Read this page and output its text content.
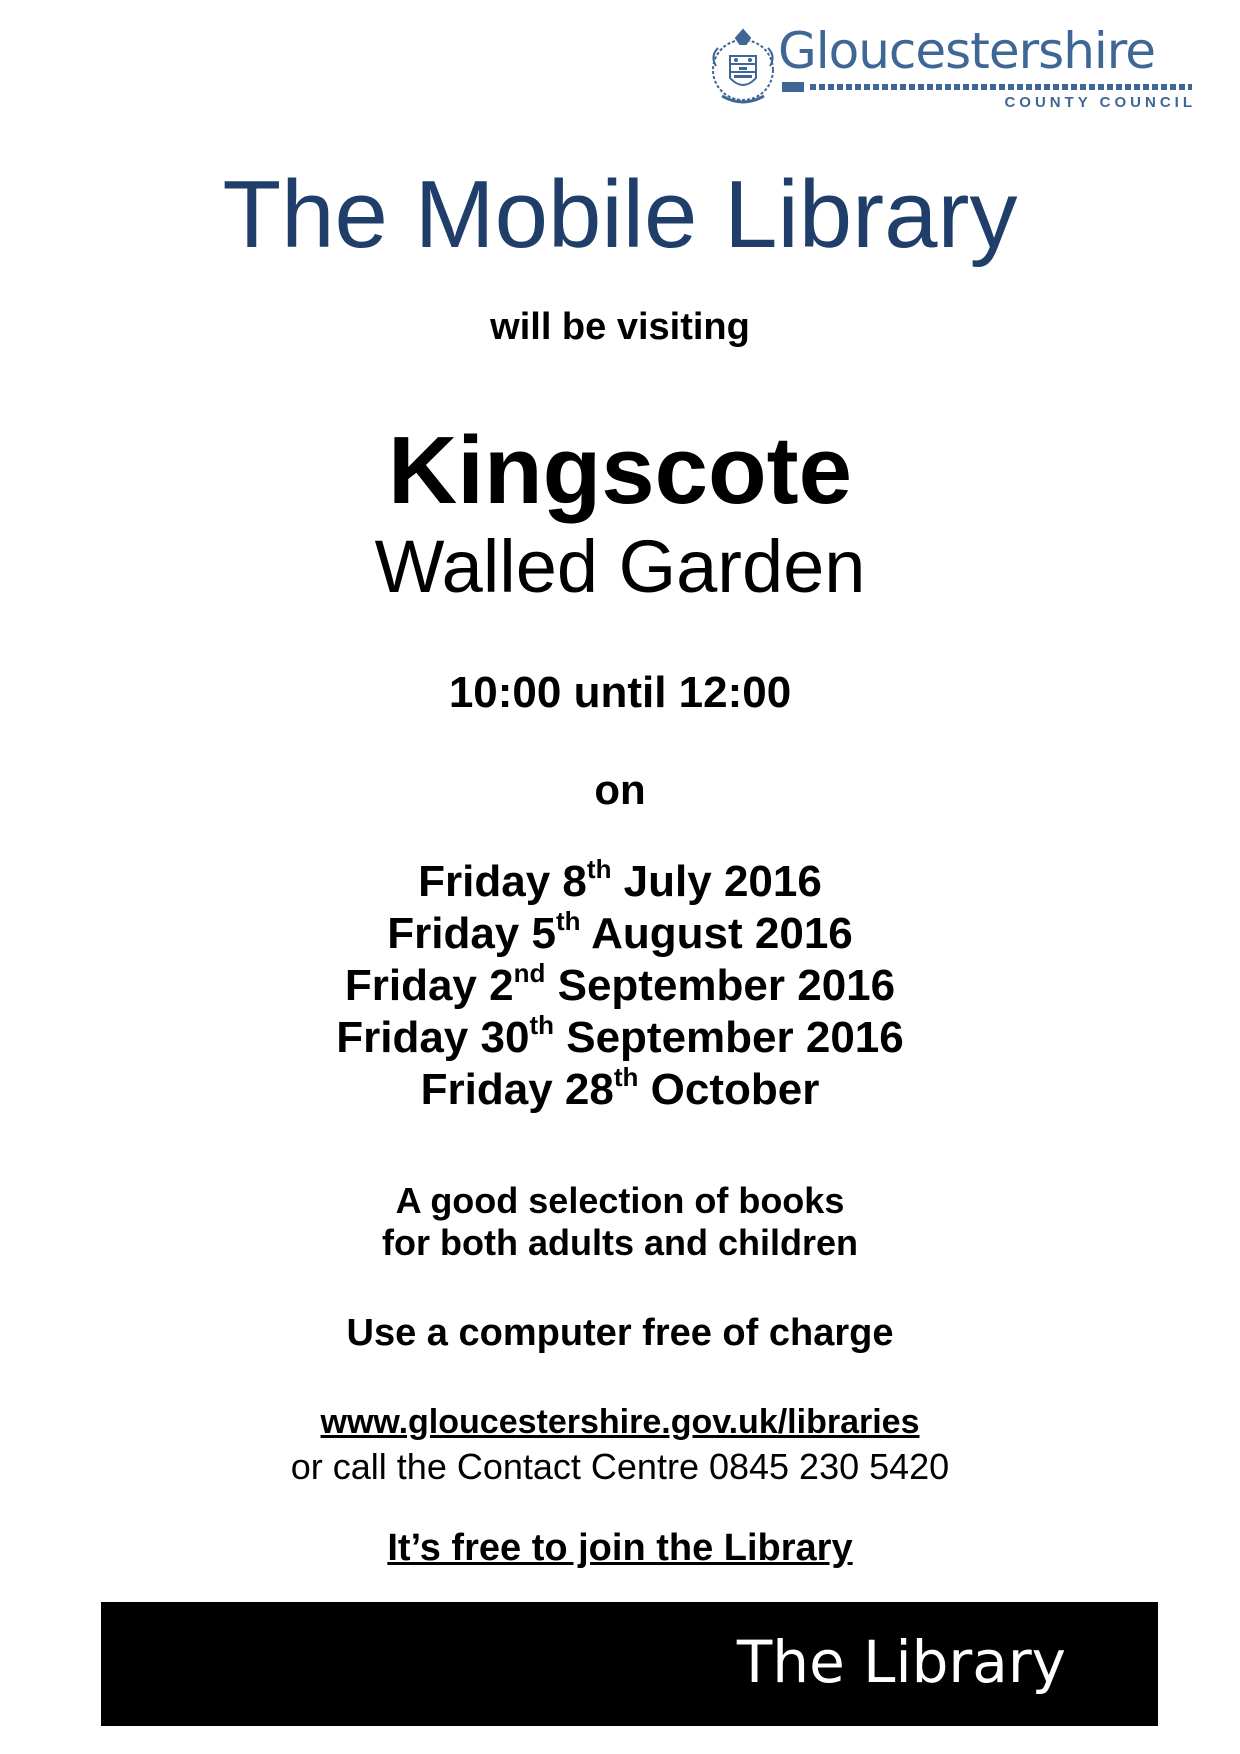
Gloucestershire
COUNTY COUNCIL
The Mobile Library
will be visiting
Kingscote
Walled Garden
10:00 until 12:00
on
Friday 8th July 2016
Friday 5th August 2016
Friday 2nd September 2016
Friday 30th September 2016
Friday 28th October
A good selection of books
for both adults and children
Use a computer free of charge
www.gloucestershire.gov.uk/libraries
or call the Contact Centre 0845 230 5420
It’s free to join the Library
The Library
